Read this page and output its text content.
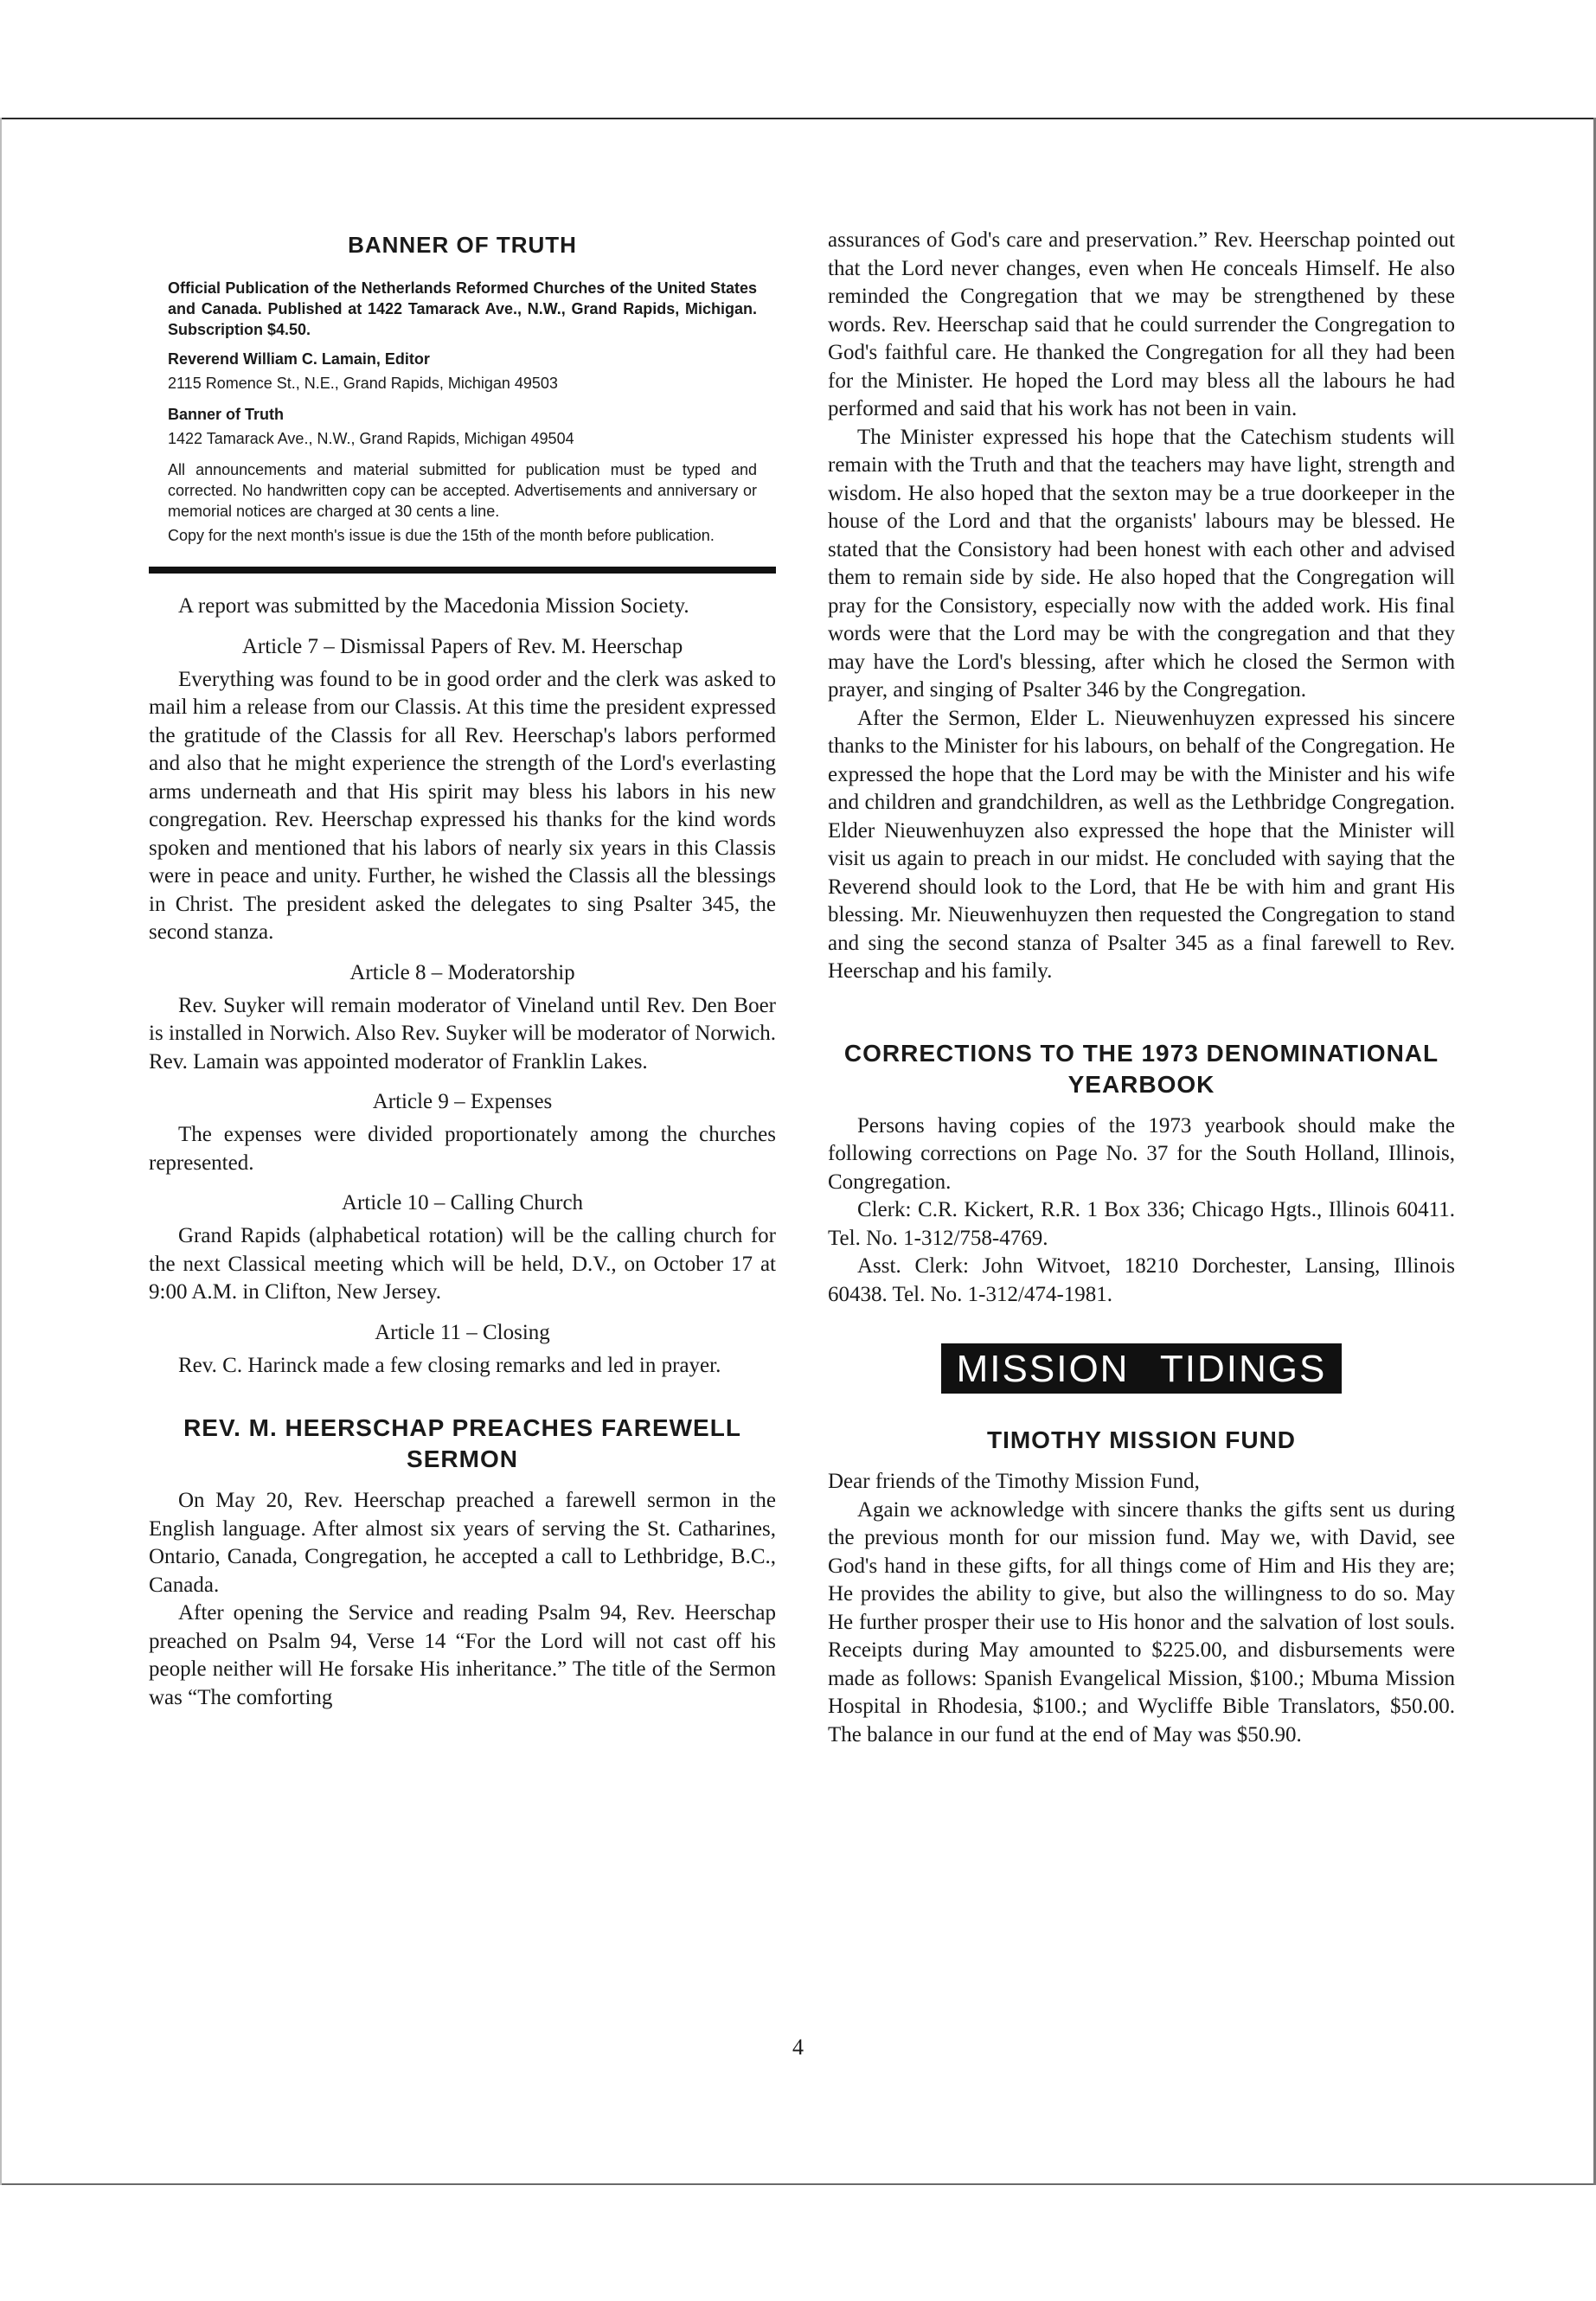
BANNER OF TRUTH

Official Publication of the Netherlands Reformed Churches of the United States and Canada. Published at 1422 Tamarack Ave., N.W., Grand Rapids, Michigan. Subscription $4.50.

Reverend William C. Lamain, Editor

2115 Romence St., N.E., Grand Rapids, Michigan 49503

Banner of Truth

1422 Tamarack Ave., N.W., Grand Rapids, Michigan 49504

All announcements and material submitted for publication must be typed and corrected. No handwritten copy can be accepted. Advertisements and anniversary or memorial notices are charged at 30 cents a line.

Copy for the next month's issue is due the 15th of the month before publication.

A report was submitted by the Macedonia Mission Society.

Article 7 – Dismissal Papers of Rev. M. Heerschap

Everything was found to be in good order and the clerk was asked to mail him a release from our Classis. At this time the president expressed the gratitude of the Classis for all Rev. Heerschap's labors performed and also that he might experience the strength of the Lord's everlasting arms underneath and that His spirit may bless his labors in his new congregation. Rev. Heerschap expressed his thanks for the kind words spoken and mentioned that his labors of nearly six years in this Classis were in peace and unity. Further, he wished the Classis all the blessings in Christ. The president asked the delegates to sing Psalter 345, the second stanza.

Article 8 – Moderatorship

Rev. Suyker will remain moderator of Vineland until Rev. Den Boer is installed in Norwich. Also Rev. Suyker will be moderator of Norwich. Rev. Lamain was appointed moderator of Franklin Lakes.

Article 9 – Expenses

The expenses were divided proportionately among the churches represented.

Article 10 – Calling Church

Grand Rapids (alphabetical rotation) will be the calling church for the next Classical meeting which will be held, D.V., on October 17 at 9:00 A.M. in Clifton, New Jersey.

Article 11 – Closing

Rev. C. Harinck made a few closing remarks and led in prayer.

REV. M. HEERSCHAP PREACHES FAREWELL SERMON

On May 20, Rev. Heerschap preached a farewell sermon in the English language. After almost six years of serving the St. Catharines, Ontario, Canada, Congregation, he accepted a call to Lethbridge, B.C., Canada.

After opening the Service and reading Psalm 94, Rev. Heerschap preached on Psalm 94, Verse 14 “For the Lord will not cast off his people neither will He forsake His inheritance.” The title of the Sermon was “The comforting

assurances of God's care and preservation.” Rev. Heerschap pointed out that the Lord never changes, even when He conceals Himself. He also reminded the Congregation that we may be strengthened by these words. Rev. Heerschap said that he could surrender the Congregation to God's faithful care. He thanked the Congregation for all they had been for the Minister. He hoped the Lord may bless all the labours he had performed and said that his work has not been in vain.

The Minister expressed his hope that the Catechism students will remain with the Truth and that the teachers may have light, strength and wisdom. He also hoped that the sexton may be a true doorkeeper in the house of the Lord and that the organists' labours may be blessed. He stated that the Consistory had been honest with each other and advised them to remain side by side. He also hoped that the Congregation will pray for the Consistory, especially now with the added work. His final words were that the Lord may be with the congregation and that they may have the Lord's blessing, after which he closed the Sermon with prayer, and singing of Psalter 346 by the Congregation.

After the Sermon, Elder L. Nieuwenhuyzen expressed his sincere thanks to the Minister for his labours, on behalf of the Congregation. He expressed the hope that the Lord may be with the Minister and his wife and children and grandchildren, as well as the Lethbridge Congregation. Elder Nieuwenhuyzen also expressed the hope that the Minister will visit us again to preach in our midst. He concluded with saying that the Reverend should look to the Lord, that He be with him and grant His blessing. Mr. Nieuwenhuyzen then requested the Congregation to stand and sing the second stanza of Psalter 345 as a final farewell to Rev. Heerschap and his family.

CORRECTIONS TO THE 1973 DENOMINATIONAL YEARBOOK

Persons having copies of the 1973 yearbook should make the following corrections on Page No. 37 for the South Holland, Illinois, Congregation.

Clerk: C.R. Kickert, R.R. 1 Box 336; Chicago Hgts., Illinois 60411. Tel. No. 1-312/758-4769.

Asst. Clerk: John Witvoet, 18210 Dorchester, Lansing, Illinois 60438. Tel. No. 1-312/474-1981.

MISSION TIDINGS
TIMOTHY MISSION FUND

Dear friends of the Timothy Mission Fund,

Again we acknowledge with sincere thanks the gifts sent us during the previous month for our mission fund. May we, with David, see God's hand in these gifts, for all things come of Him and His they are; He provides the ability to give, but also the willingness to do so. May He further prosper their use to His honor and the salvation of lost souls. Receipts during May amounted to $225.00, and disbursements were made as follows: Spanish Evangelical Mission, $100.; Mbuma Mission Hospital in Rhodesia, $100.; and Wycliffe Bible Translators, $50.00. The balance in our fund at the end of May was $50.90.

4
